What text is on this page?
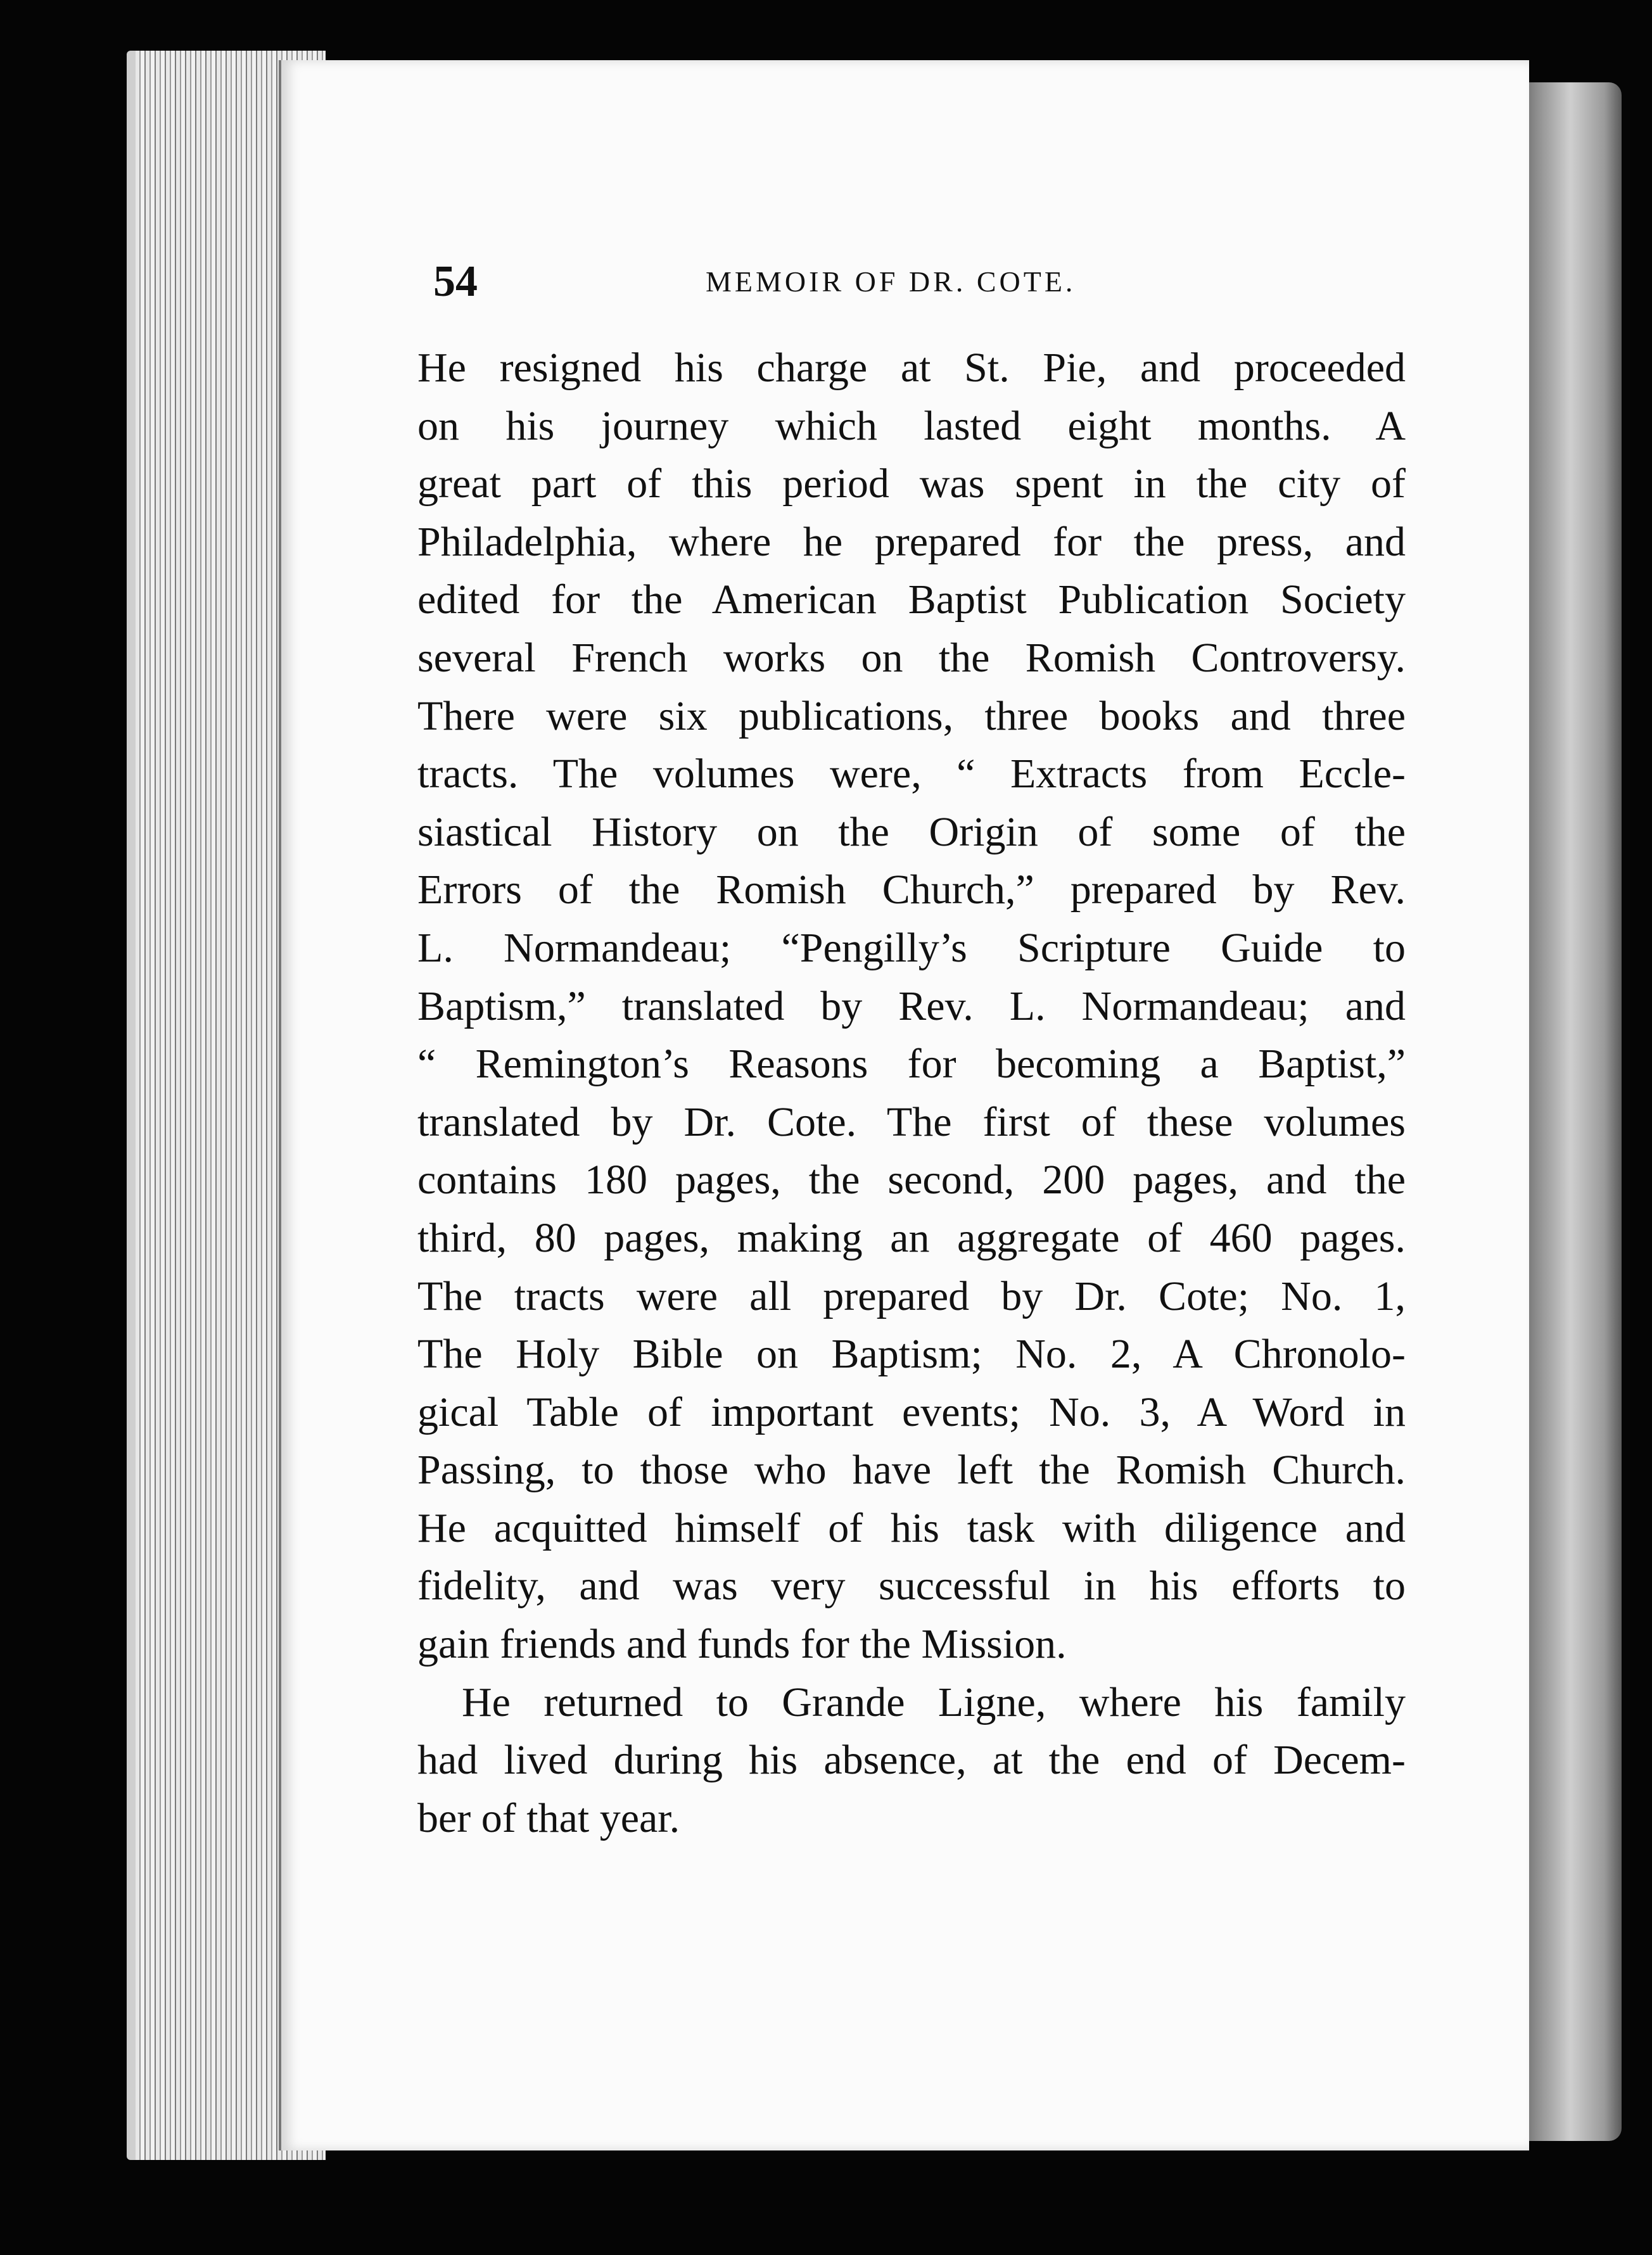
54	MEMOIR OF DR. COTE.
He resigned his charge at St. Pie, and proceeded
on his journey which lasted eight months. A
great part of this period was spent in the city of
Philadelphia, where he prepared for the press, and
edited for the American Baptist Publication Society
several French works on the Romish Controversy.
There were six publications, three books and three
tracts. The volumes were, “ Extracts from Eccle-
siastical History on the Origin of some of the
Errors of the Romish Church,” prepared by Rev.
L. Normandeau; “Pengilly’s Scripture Guide to
Baptism,” translated by Rev. L. Normandeau; and
“ Remington’s Reasons for becoming a Baptist,”
translated by Dr. Cote. The first of these volumes
contains 180 pages, the second, 200 pages, and the
third, 80 pages, making an aggregate of 460 pages.
The tracts were all prepared by Dr. Cote; No. 1,
The Holy Bible on Baptism; No. 2, A Chronolo-
gical Table of important events; No. 3, A Word in
Passing, to those who have left the Romish Church.
He acquitted himself of his task with diligence and
fidelity, and was very successful in his efforts to
gain friends and funds for the Mission.
He returned to Grande Ligne, where his family
had lived during his absence, at the end of Decem-
ber of that year.
